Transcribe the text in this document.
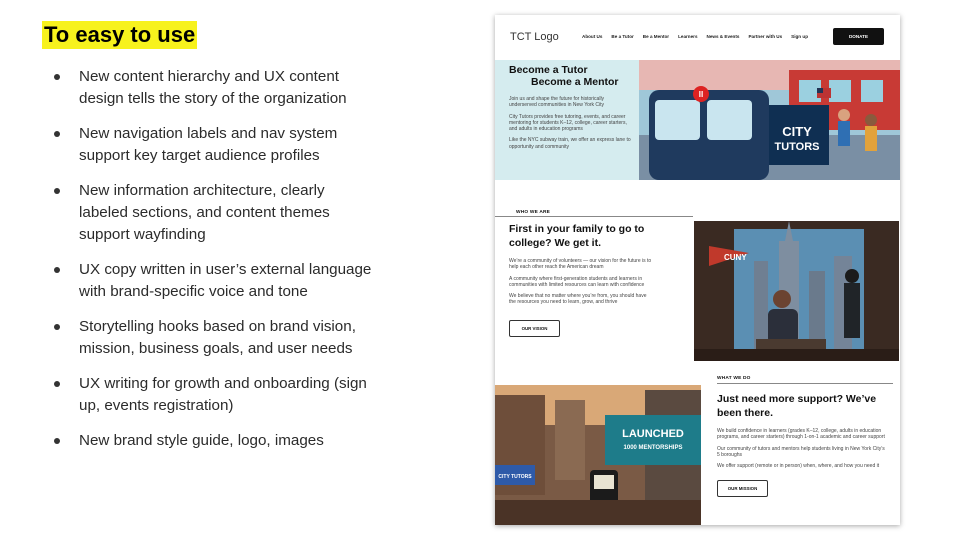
To easy to use
New content hierarchy and UX content design tells the story of the organization
New navigation labels and nav system support key target audience profiles
New information architecture, clearly labeled sections, and content themes support wayfinding
UX copy written in user’s external language with brand-specific voice and tone
Storytelling hooks based on brand vision, mission, business goals, and user needs
UX writing for growth and onboarding (sign up, events registration)
New brand style guide, logo, images
TCT Logo	About Us Be a Tutor Be a Mentor Learners News & Events Partner with Us Sign up	DONATE
Become a Tutor
Become a Mentor

Join us and shape the future for historically underserved communities in New York City

City Tutors provides free tutoring, events, and career mentoring for students K–12, college, career starters, and adults in education programs

Like the NYC subway train, we offer an express lane to opportunity and community

II
CITY
TUTORS
WHO WE ARE
First in your family to go to college? We get it.

We’re a community of volunteers — our vision for the future is to help each other reach the American dream

A community where first-generation students and learners in communities with limited resources can learn with confidence

We believe that no matter where you’re from, you should have the resources you need to learn, grow, and thrive

OUR VISION
CUNY
LAUNCHED
1000 MENTORSHIPS
CITY TUTORS
WHAT WE DO
Just need more support? We’ve been there.

We build confidence in learners (grades K–12, college, adults in education programs, and career starters) through 1-on-1 academic and career support

Our community of tutors and mentors help students living in New York City’s 5 boroughs

We offer support (remote or in person) when, where, and how you need it

OUR MISSION
